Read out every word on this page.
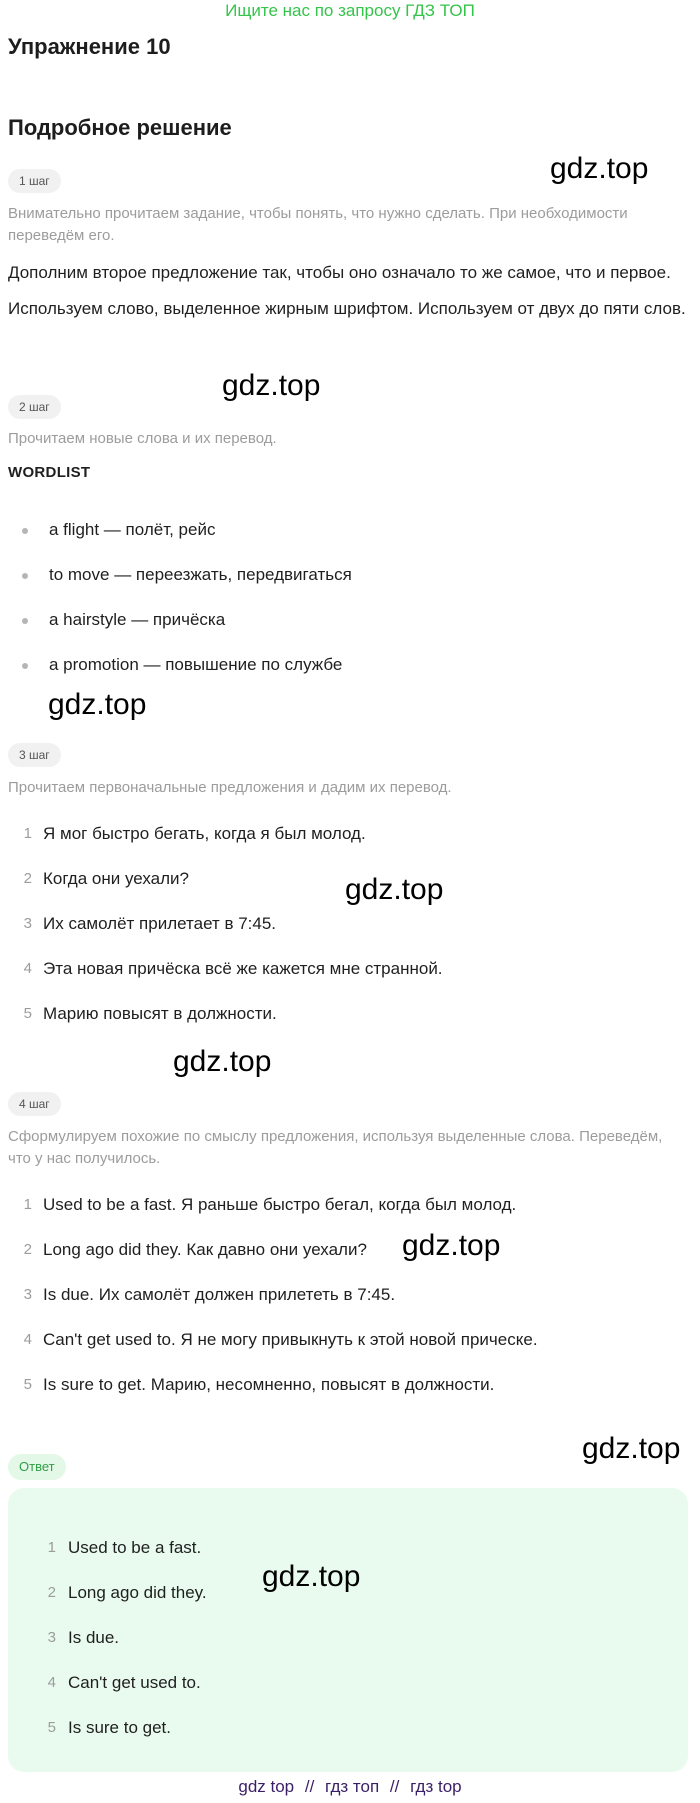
Ищите нас по запросу ГДЗ ТОП
Упражнение 10
Подробное решение
1 шаг	gdz.top
Внимательно прочитаем задание, чтобы понять, что нужно сделать. При необходимости переведём его.
Дополним второе предложение так, чтобы оно означало то же самое, что и первое. Используем слово, выделенное жирным шрифтом. Используем от двух до пяти слов.
gdz.top
2 шаг
Прочитаем новые слова и их перевод.
WORDLIST
a flight — полёт, рейс
to move — переезжать, передвигаться
a hairstyle — причёска
a promotion — повышение по службе
gdz.top
3 шаг
Прочитаем первоначальные предложения и дадим их перевод.
1 Я мог быстро бегать, когда я был молод.
2 Когда они уехали?
3 Их самолёт прилетает в 7:45.
4 Эта новая причёска всё же кажется мне странной.
5 Марию повысят в должности.
gdz.top
gdz.top
4 шаг
Сформулируем похожие по смыслу предложения, используя выделенные слова. Переведём, что у нас получилось.
1 Used to be a fast. Я раньше быстро бегал, когда был молод.
2 Long ago did they. Как давно они уехали? gdz.top
3 Is due. Их самолёт должен прилететь в 7:45.
4 Can't get used to. Я не могу привыкнуть к этой новой прическе.
5 Is sure to get. Марию, несомненно, повысят в должности.
gdz.top
Ответ
1 Used to be a fast.
2 Long ago did they. gdz.top
3 Is due.
4 Can't get used to.
5 Is sure to get.
gdz top // гдз топ // гдз top
